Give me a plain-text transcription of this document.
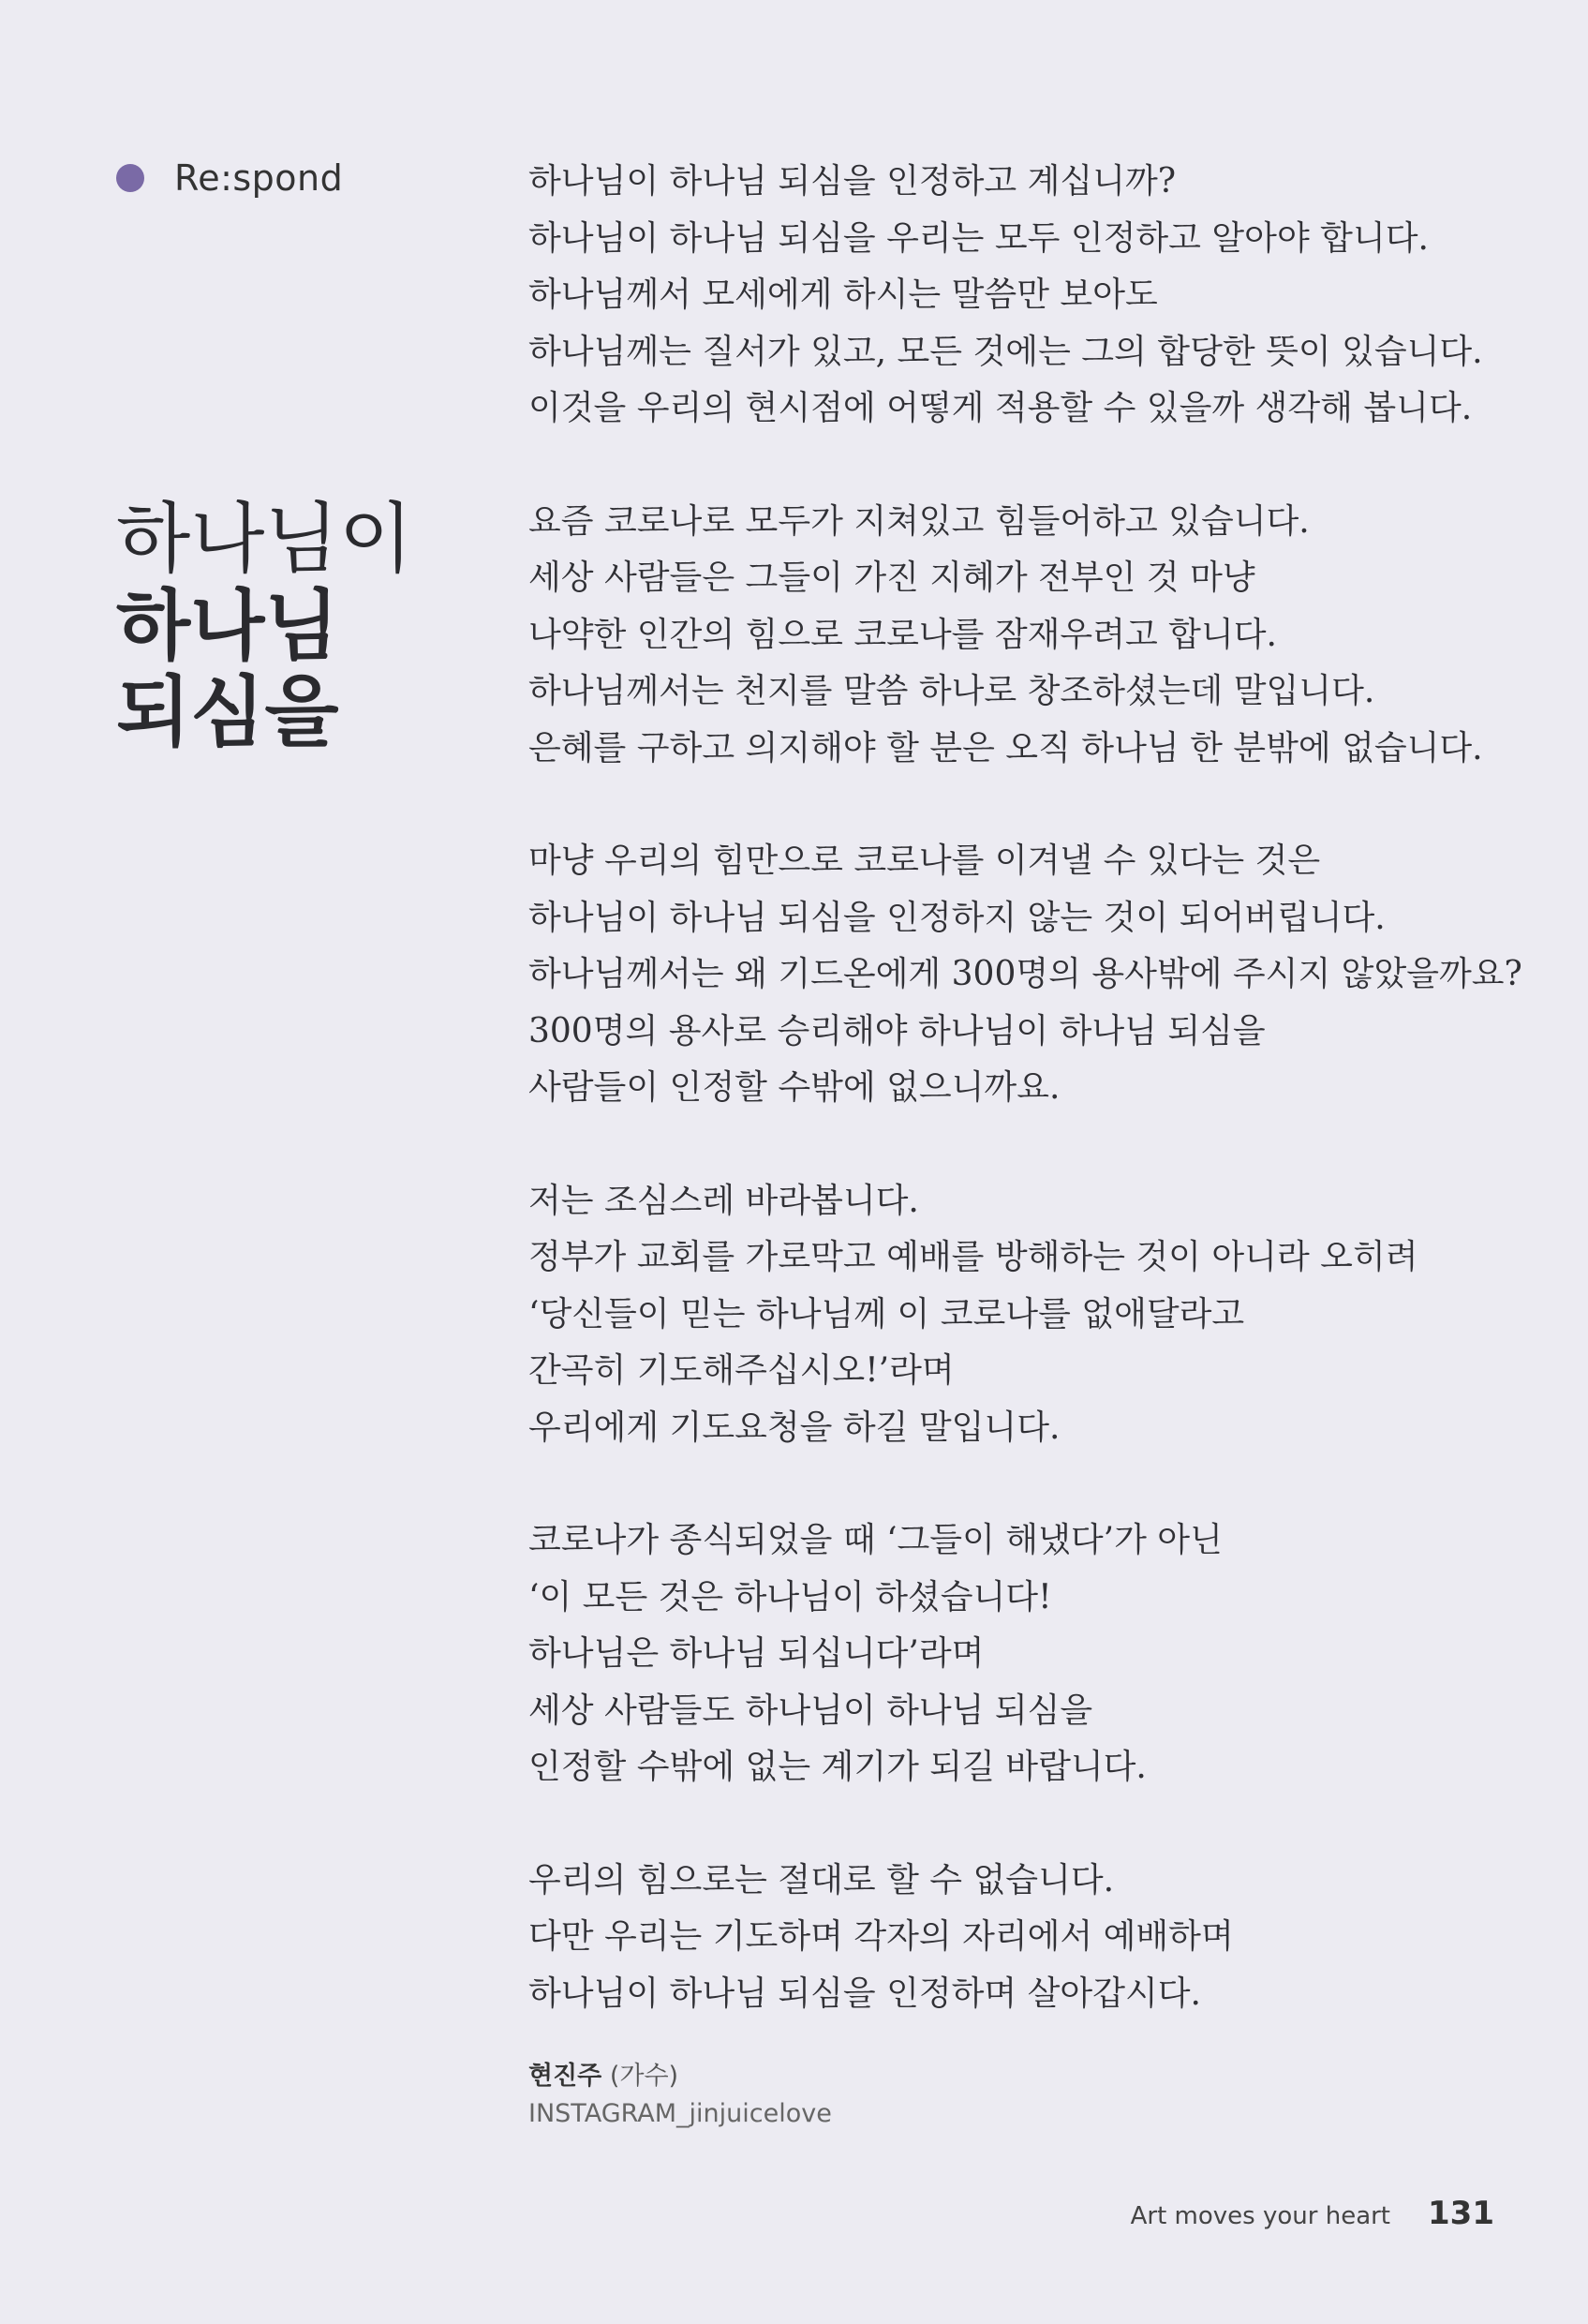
Re:spond
하나님이
하나님
되심을
하나님이 하나님 되심을 인정하고 계십니까?
하나님이 하나님 되심을 우리는 모두 인정하고 알아야 합니다.
하나님께서 모세에게 하시는 말씀만 보아도
하나님께는 질서가 있고, 모든 것에는 그의 합당한 뜻이 있습니다.
이것을 우리의 현시점에 어떻게 적용할 수 있을까 생각해 봅니다.
요즘 코로나로 모두가 지쳐있고 힘들어하고 있습니다.
세상 사람들은 그들이 가진 지혜가 전부인 것 마냥
나약한 인간의 힘으로 코로나를 잠재우려고 합니다.
하나님께서는 천지를 말씀 하나로 창조하셨는데 말입니다.
은혜를 구하고 의지해야 할 분은 오직 하나님 한 분밖에 없습니다.
마냥 우리의 힘만으로 코로나를 이겨낼 수 있다는 것은
하나님이 하나님 되심을 인정하지 않는 것이 되어버립니다.
하나님께서는 왜 기드온에게 300명의 용사밖에 주시지 않았을까요?
300명의 용사로 승리해야 하나님이 하나님 되심을
사람들이 인정할 수밖에 없으니까요.
저는 조심스레 바라봅니다.
정부가 교회를 가로막고 예배를 방해하는 것이 아니라 오히려
‘당신들이 믿는 하나님께 이 코로나를 없애달라고
간곡히 기도해주십시오!’라며
우리에게 기도요청을 하길 말입니다.
코로나가 종식되었을 때 ‘그들이 해냈다’가 아닌
‘이 모든 것은 하나님이 하셨습니다!
하나님은 하나님 되십니다’라며
세상 사람들도 하나님이 하나님 되심을
인정할 수밖에 없는 계기가 되길 바랍니다.
우리의 힘으로는 절대로 할 수 없습니다.
다만 우리는 기도하며 각자의 자리에서 예배하며
하나님이 하나님 되심을 인정하며 살아갑시다.
현진주 (가수)
INSTAGRAM_jinjuicelove
Art moves your heart 131
